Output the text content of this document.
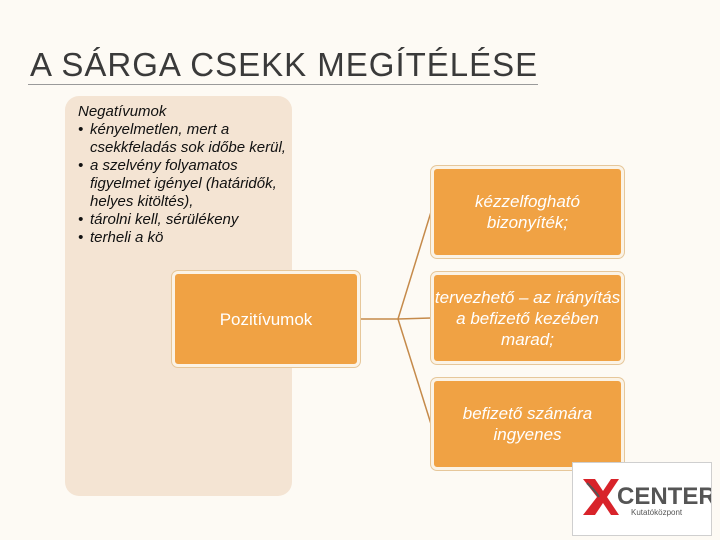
A SÁRGA CSEKK MEGÍTÉLÉSE
Negatívumok
• kényelmetlen, mert a csekkfeladás sok időbe kerül,
• a szelvény folyamatos figyelmet igényel (határidők, helyes kitöltés),
• tárolni kell, sérülékeny
• terheli a kö
Pozitívumok
kézzelfogható bizonyíték;
tervezhető – az irányítás a befizető kezében marad;
befizető számára ingyenes
CENTER
Kutatóközpont
